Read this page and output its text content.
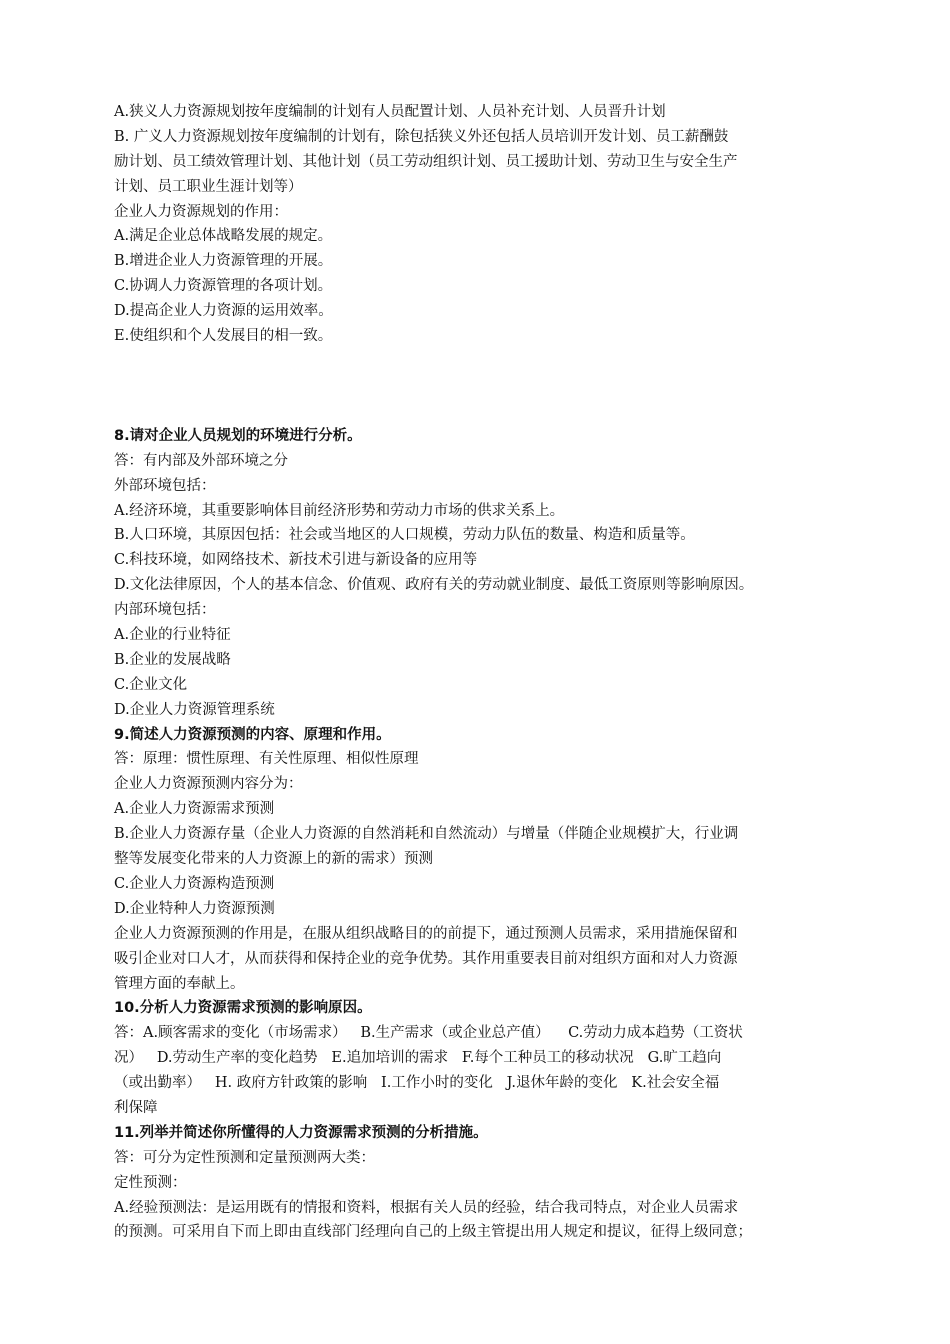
A.狭义人力资源规划按年度编制的计划有人员配置计划、人员补充计划、人员晋升计划
B. 广义人力资源规划按年度编制的计划有，除包括狭义外还包括人员培训开发计划、员工薪酬鼓
励计划、员工绩效管理计划、其他计划（员工劳动组织计划、员工援助计划、劳动卫生与安全生产
计划、员工职业生涯计划等）
企业人力资源规划的作用：
A.满足企业总体战略发展的规定。
B.增进企业人力资源管理的开展。
C.协调人力资源管理的各项计划。
D.提高企业人力资源的运用效率。
E.使组织和个人发展目的相一致。
8.请对企业人员规划的环境进行分析。
答：有内部及外部环境之分
外部环境包括：
A.经济环境，其重要影响体目前经济形势和劳动力市场的供求关系上。
B.人口环境，其原因包括：社会或当地区的人口规模，劳动力队伍的数量、构造和质量等。
C.科技环境，如网络技术、新技术引进与新设备的应用等
D.文化法律原因，个人的基本信念、价值观、政府有关的劳动就业制度、最低工资原则等影响原因。
内部环境包括：
A.企业的行业特征
B.企业的发展战略
C.企业文化
D.企业人力资源管理系统
9.简述人力资源预测的内容、原理和作用。
答：原理：惯性原理、有关性原理、相似性原理
企业人力资源预测内容分为：
A.企业人力资源需求预测
B.企业人力资源存量（企业人力资源的自然消耗和自然流动）与增量（伴随企业规模扩大，行业调
整等发展变化带来的人力资源上的新的需求）预测
C.企业人力资源构造预测
D.企业特种人力资源预测
企业人力资源预测的作用是，在服从组织战略目的的前提下，通过预测人员需求，采用措施保留和
吸引企业对口人才，从而获得和保持企业的竞争优势。其作用重要表目前对组织方面和对人力资源
管理方面的奉献上。
10.分析人力资源需求预测的影响原因。
答：A.顾客需求的变化（市场需求）   B.生产需求（或企业总产值）    C.劳动力成本趋势（工资状
况）   D.劳动生产率的变化趋势   E.追加培训的需求   F.每个工种员工的移动状况   G.旷工趋向
（或出勤率）   H. 政府方针政策的影响   I.工作小时的变化   J.退休年龄的变化   K.社会安全福
利保障
11.列举并简述你所懂得的人力资源需求预测的分析措施。
答：可分为定性预测和定量预测两大类：
定性预测：
A.经验预测法：是运用既有的情报和资料，根据有关人员的经验，结合我司特点，对企业人员需求
的预测。可采用自下而上即由直线部门经理向自己的上级主管提出用人规定和提议，征得上级同意；
